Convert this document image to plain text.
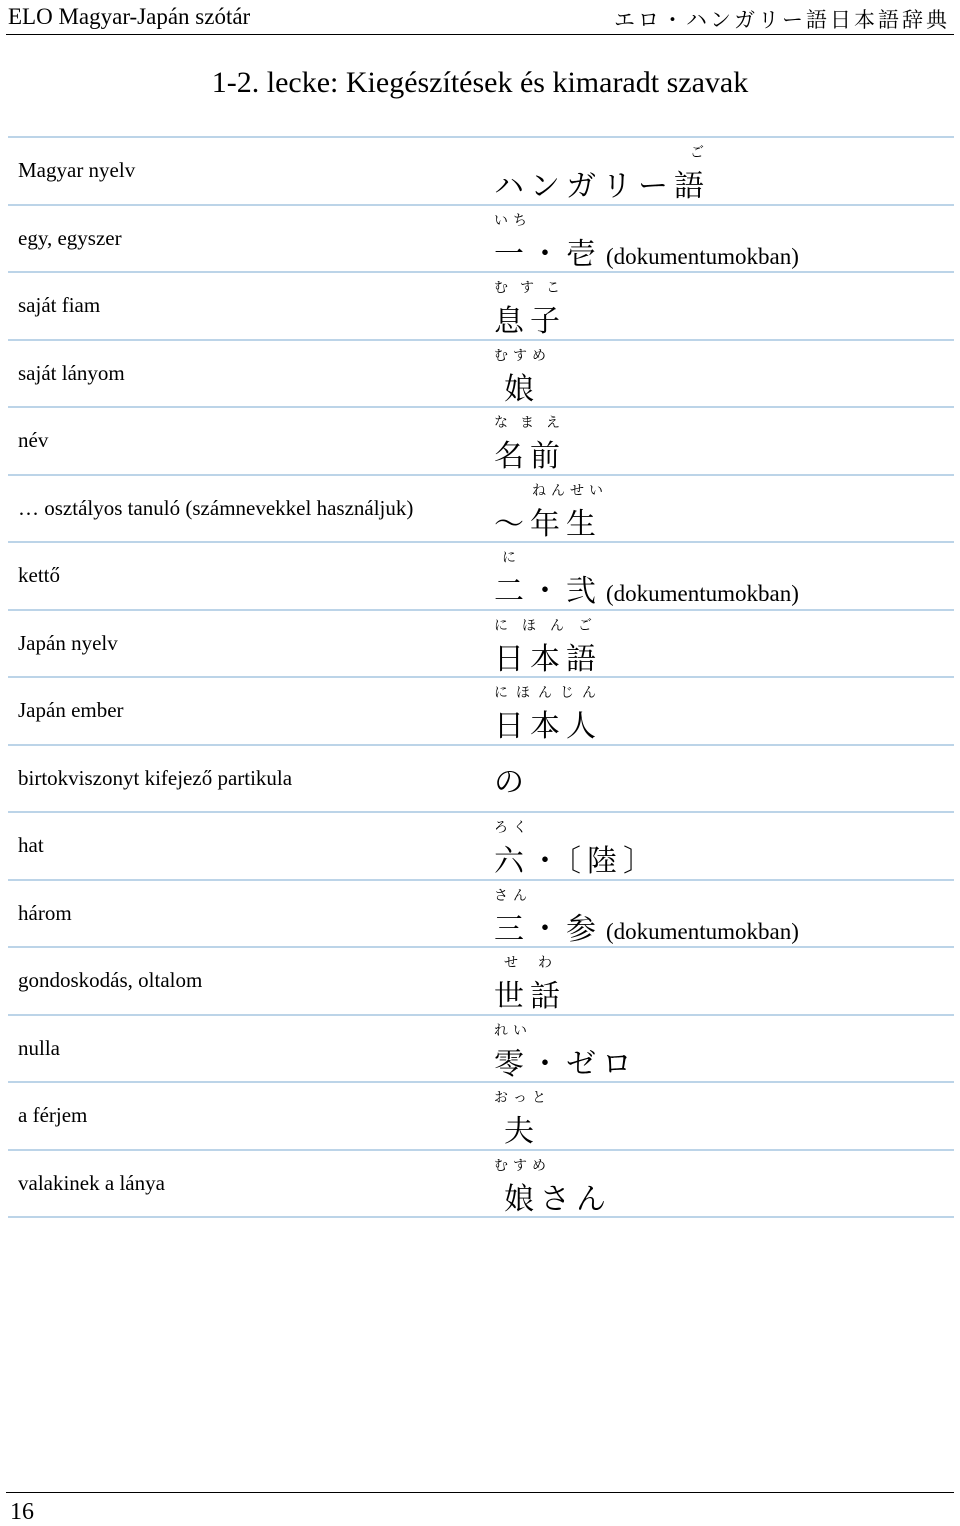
ELO Magyar-Japán szótár	エロ・ハンガリー語日本語辞典
1-2. lecke: Kiegészítések és kimaradt szavak
Magyar nyelv
ご
ハンガリー語
egy, egyszer
いち
一・壱 (dokumentumokban)
saját fiam
むすこ
息子
saját lányom
むすめ
娘
név
なまえ
名前
… osztályos tanuló (számnevekkel használjuk)
ねんせい
～年生
kettő
に
二・弐 (dokumentumokban)
Japán nyelv
にほんご
日本語
Japán ember
にほんじん
日本人
birtokviszonyt kifejező partikula	の
hat
ろく
六・〔陸〕
három
さん
三・参 (dokumentumokban)
gondoskodás, oltalom
せわ
世話
nulla
れい
零・ゼロ
a férjem
おっと
夫
valakinek a lánya
むすめ
娘さん
16
